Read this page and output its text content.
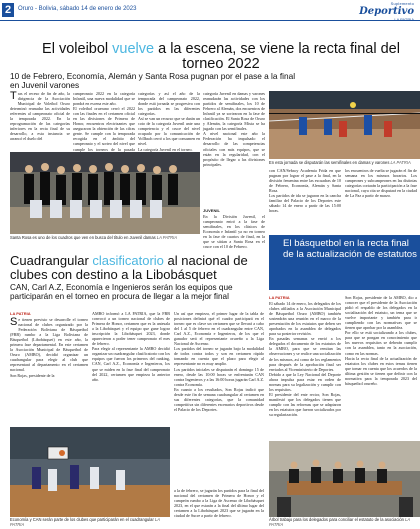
2	Oruro - Bolivia, sábado 14 de enero de 2023
Suplemento
Deportivo
El voleibol vuelve a la escena, se viene la recta final del torneo 2022
10 de Febrero, Economía, Alemán y Santa Rosa pugnan por el pase a la final en Juvenil varones
Tras el receso de fin de año, la dirigencia de la Asociación Municipal de Voleibol Oruro determinó reanudar las actividades referentes al campeonato oficial de la temporada 2022. En la reprogramación de las categorías inferiores en la recta final de su desarrollo, a esta instancia se arrancó el duelo del
campeonato 2022 en la categoría Infantil, una nueva modalidad que se pondrá en escena este año.
El voleibol oruerano cerró el 2022 con las finales en el certamen oficial en las divisiones de Primera de Honor, encuentros electrizantes que aseguraron la obtención de las cifras gente. Se cumple con la temporada recogida en el ámbito del campeonato y el sorteo del nivel que cumple los torneos de la pasada
categorías y así el año de la temporada del campeonato 2022, donde está jornada se progresiva con los partidos en las diferentes categorías.
Así se van un recurso que se darán un coto de la categoría Juvenil ante una competencia y el cruce del nivel ocupado por la comunicación de Vollbach cerró a los que consumen en nivel.
La categoría Juvenil en el torneo.
categoría Juvenil en damas y varones reanudarán las actividades con los partidos de semifinales, los 10 de Febrero al Alemán, dos encuentros de Infantil ya se sortearon en la fase de clasificación. El Santa Rosa de Oruro y Alemán, la categoría Mixta se ha jugado con las semifinales.
A nivel nacional este año la Federación ha impulsado el desarrollo de las competencias oficiales con más equipos, que se están en la regularidad, con el propósito de llegar a las divisiones principales.
JUVENIL
En la División Juvenil, el campeonato entró a la fase de semifinales, en los clásicos de Economía e Infantil ya no en torneo en la fase de cuartos de final, en la que se sitúan a Santa Rosa en el cruce con el 10 de Febrero.
con CAN/Sebacy Academia Frida en que pugnan por lograr el pase a la final, en la división femenina entre las escuadras de 10 de Febrero, Economía, Alemán y Santa Rosa.
Los partidos de ida se jugaron en la cancha familiar del Palacio de los Deportes este sábado 14 de enero a partir de las 15:00 horas.
los encuentros de vuelta se jugarán el fin de semana en los mismos horarios. Los campeones y subcampeones en las distintas categorías cortarán la participación a la fase nacional, cuya cita se disputará en la ciudad de La Paz a partir de marzo.
Santa Rosa es uno de los cuadros que ven en busca del título en Juvenil damas LA PATRIA
En esta jornada se disputarán las semifinales en damas y varones LA PATRIA
El básquetbol en la recta final de la actualización de estatutos
Cuadrangular clasificatorio al nacional de clubes con destino a la Libobásquet
CAN, Carl A.Z, Economía e Ingenieros serán los equipos que participarán en el torneo en procura de llegar a la mejor final
LA PATRIA
Se tienen previsto se desarrolle el torneo nacional de clubes organizado por la Federación Boliviana de Básquetbol (FBB) rumbo a la Liga Boliviana de Básquetbol (Libobásquet) en este año, la primera fase departamental. En este certamen la Asociación Municipal de Básquetbol de Oruro (AMBO), decidió organizar un cuadrangular para elegir al club que representará al departamento en el certamen nacional.
Son Rojas, presidente de la
AMBO informó a LA PATRIA, que la FBB convocó a un torneo nacional de clubes de Primera de Honor, certamen que es la antesala a la Libobásquet y el equipo que gane lograr inscripción la Libobásquet 2023, donde aparecieron a poder tener campeonato el mes de febrero.
Para elegir al representante la AMBO decidió organizar un cuadrangular clasificatorio con los equipos que fueron los primeros del ranking, CAN, Carl A.Z., Economía e Ingenieros, los que se miden en la fase final del campeonato del 2022, certamen que empieza la anterior año.
Un así que empieza, el primer lugar de la tabla de posiciones definirá qué el cuadro participará en el torneo que es clave un certamen que se llevará a cabo del 1 al 5 de febrero en el cuadrangular entre CAN, Carl A.Z., Economía e Ingenieros, de los que el ganador será el representante orureño a la Liga Nacional de Ascenso.
Los partidos del torneo se jugarán bajo la modalidad de todos contra todos y son en certamen rápido tomando en cuenta que el plazo para elegir al representante no es muy amplio.
Los partidos iniciales se disputarán el domingo 15 de enero, desde las 10:00 horas se enfrentarán CAN contra Ingenieros y a las 16:00 horas jugarán Carl A.Z. contra Economía.
En cuanto a los resultados, Son Rojas indicó que desde este fin de semana cuadrangular al certamen en sus diferentes categorías, que la comunidad competitiva sin diferentes escenarios deportivos desde el Palacio de los Deportes.
a la de febrero, se jugarán los partidos para la final del nacional del certamen de Primera de Honor y el campeón rumbo a la Liga de Ascenso de Libobásquet 2023, en el que estarán a la final del último lugar del certamen a la Libobásquet 2023 que se jugarán en la ciudad de Sucre a partir de febrero.
Economía y CAN serán parte de los clubes que participarán en el cuadrangular LA PATRIA
LA PATRIA
El sábado 14 de enero, los delegados de los clubes afiliados a la Asociación Municipal de Básquetbol Oruro (AMBO) también sostendrán una reunión en el marco de la presentación de los estatutos que deben ser aprobados en la asamblea de delegados para su posterior revisión.
En pasadas semanas se envió a los delegados el documento de los estatutos de la AMBO, para que se remitan las observaciones y se realice una socialización de los mismos, así como de los reglamentos para después de la aprobación final ser enviados al Viceministerio de Deportes.
Debido a que la Ley Nacional del Deporte ahora impulsa para estar en orden de normas para su legalización y cumplir con los requisitos.
El presidente del ente rector, Son Rojas, manifestó que los delegados tienen que cumplir con las reformas que se adaptaron en los estatutos que fueron socializados por su regularización.
Son Rojas, presidente de la AMBO, dio a conocer que el presidente de la Asociación pidió el respaldo de los delegados en la socialización del estatuto, un tema que se vuelve importante y también para ir cumpliendo con las normativas que se tienen que aprobar por la asamblea.
Por ello se está socializando a los clubes, para que se pongan en conocimiento que los nuevos requisitos se deberán cumplir con la asamblea, tanto en la asociación, como en las normas.
Hacia la recta final de la actualización de estatutos los clubes en estos temas tienen que tomar en cuenta que los acuerdos de la última gestión se tienen que definir con la normativa para la temporada 2023 del básquetbol orureño.
Árbol trabajo para los delegados para conciliar el estatuto de la asociación LA PATRIA
